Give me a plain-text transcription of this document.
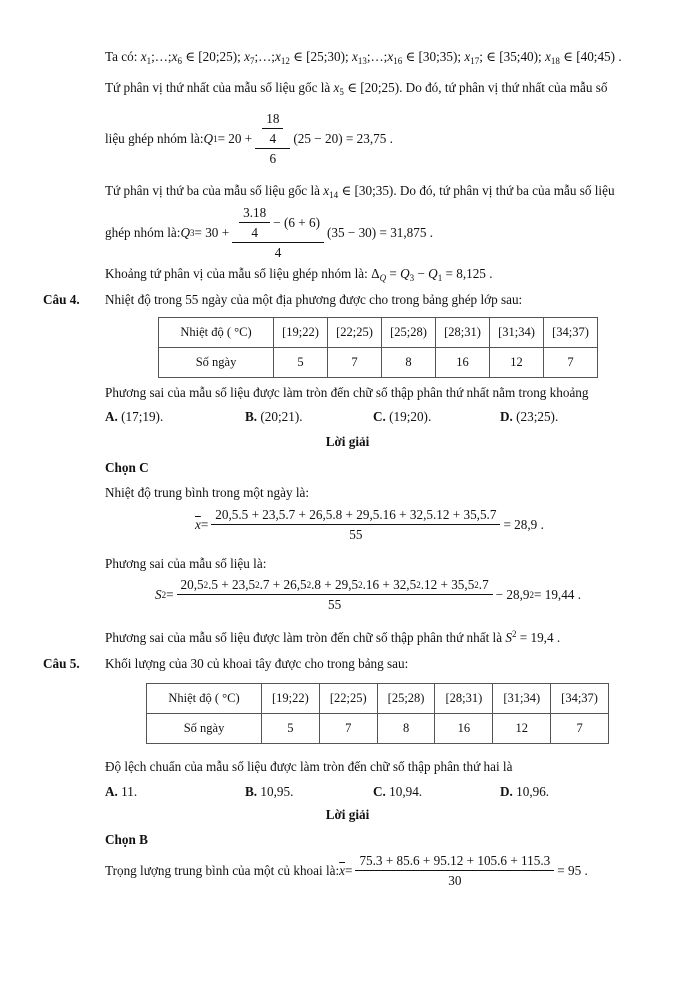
Ta có: $x_1;\dots;x_6$ ∈ [20;25); $x_7;\dots;x_{12}$ ∈ [25;30); $x_{13};\dots;x_{16}$ ∈ [30;35); $x_{17}$; ∈ [35;40); $x_{18}$ ∈ [40;45) .
Tứ phân vị thứ nhất của mẫu số liệu gốc là $x_5$ ∈ [20;25). Do đó, tứ phân vị thứ nhất của mẫu số
liệu ghép nhóm là: Q $1 = 20 + \frac{\frac{18}{4}}{6} (25 - 20) = 23,75$ .
Tứ phân vị thứ ba của mẫu số liệu gốc là $x_{14}$ ∈ [30;35). Do đó, tứ phân vị thứ ba của mẫu số liệu
ghép nhóm là: Q $3 = 30 + \frac{\frac{3.18}{4} - (6 + 6)}{4} (35 - 30) = 31,875$ .
Khoảng tứ phân vị của mẫu số liệu ghép nhóm là: $\Delta_Q = Q_3 - Q_1 = 8,125$ .
Câu 4. Nhiệt độ trong 55 ngày của một địa phương được cho trong bảng ghép lớp sau:
Nhiệt độ ( °C)	[19;22)	[22;25)	[25;28)	[28;31)	[31;34)	[34;37)
Số ngày	5	7	8	16	12	7
Phương sai của mẫu số liệu được làm tròn đến chữ số thập phân thứ nhất nằm trong khoảng
A. (17;19).	B. (20;21).	C. (19;20).	D. (23;25).
Lời giải
Chọn C
Nhiệt độ trung bình trong một ngày là:
$\overline{x} = \frac{20,5.5 + 23,5.7 + 26,5.8 + 29,5.16 + 32,5.12 + 35,5.7}{55} = 28,9$ .
Phương sai của mẫu số liệu là:
S $2 = \frac{20,5 2 .5 + 23,5 2 .7 + 26,5 2 .8 + 29,5 2 .16 + 32,5 2 .12 + 35,5 2 .7}{55} - 28,9$ 2 = 19,44 .
Phương sai của mẫu số liệu được làm tròn đến chữ số thập phân thứ nhất là $S^2 = 19,4$ .
Câu 5. Khối lượng của 30 củ khoai tây được cho trong bảng sau:
Nhiệt độ ( °C)	[19;22)	[22;25)	[25;28)	[28;31)	[31;34)	[34;37)
Số ngày	5	7	8	16	12	7
Độ lệch chuẩn của mẫu số liệu được làm tròn đến chữ số thập phân thứ hai là
A. 11.	B. 10,95.	C. 10,94.	D. 10,96.
Lời giải
Chọn B
Trọng lượng trung bình của một củ khoai là: $\overline{x} = \frac{75.3 + 85.6 + 95.12 + 105.6 + 115.3}{30} = 95$ .
